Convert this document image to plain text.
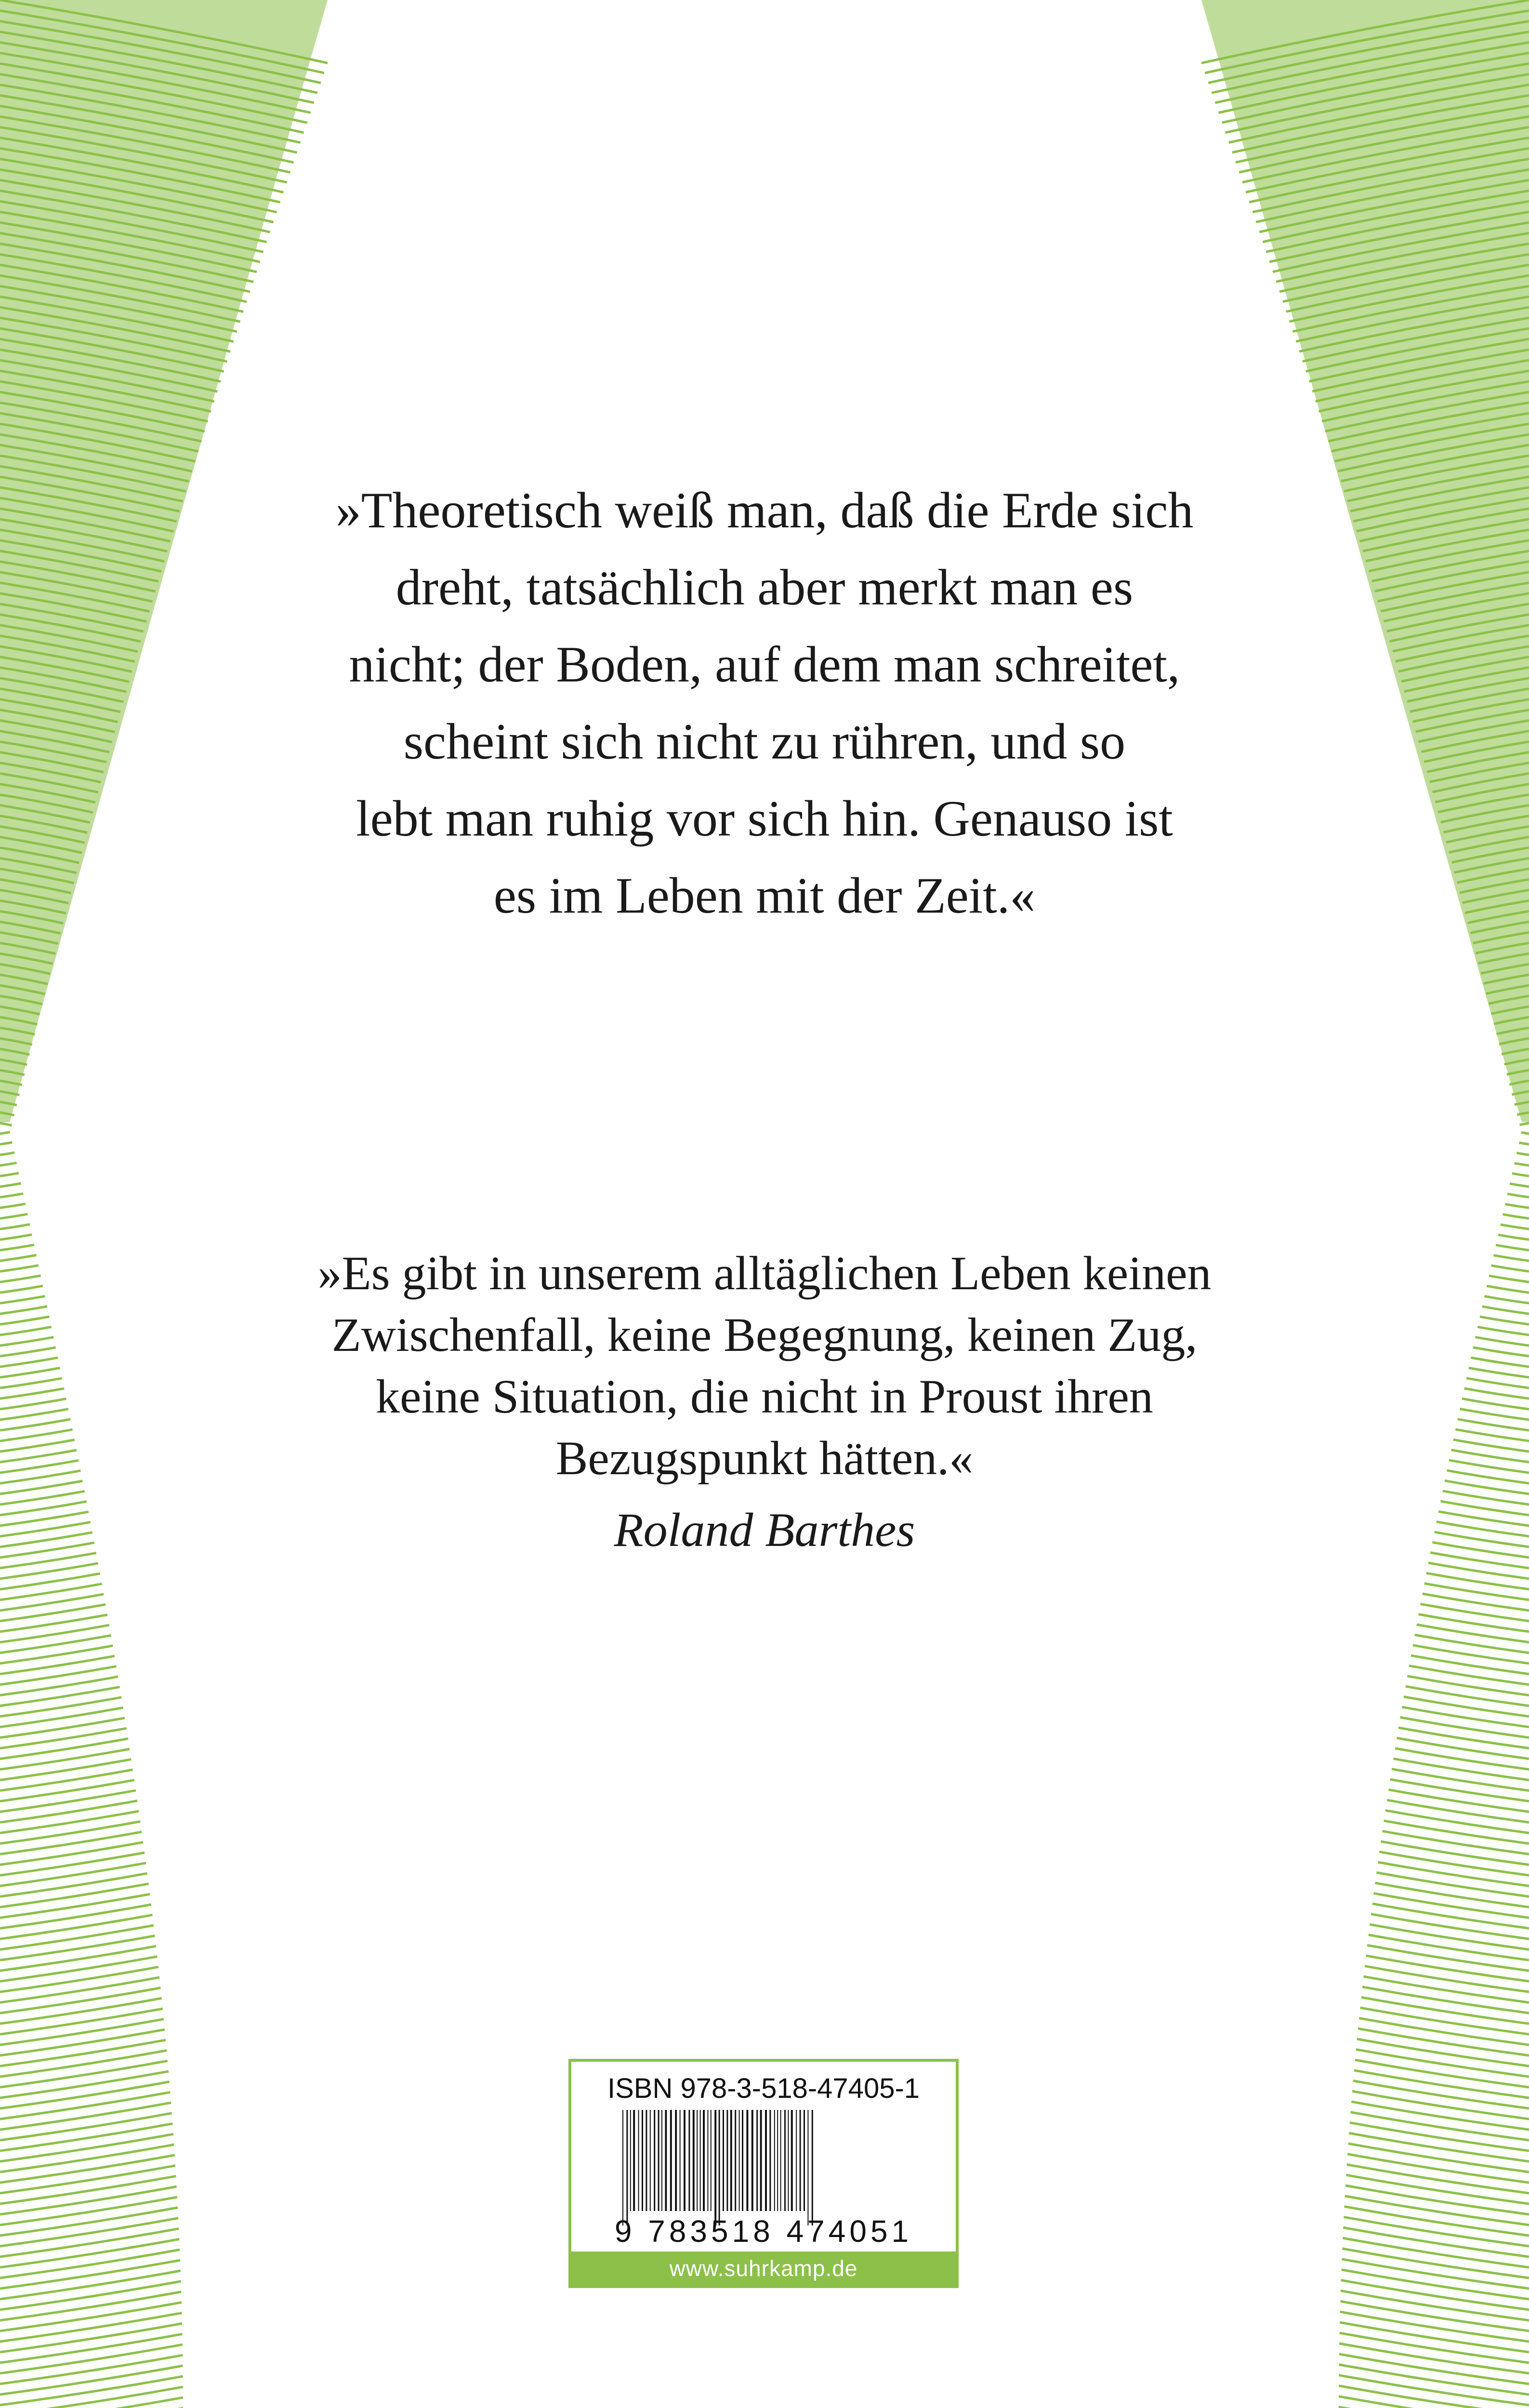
»Theoretisch weiß man, daß die Erde sich
dreht, tatsächlich aber merkt man es
nicht; der Boden, auf dem man schreitet,
scheint sich nicht zu rühren, und so
lebt man ruhig vor sich hin. Genauso ist
es im Leben mit der Zeit.«
»Es gibt in unserem alltäglichen Leben keinen
Zwischenfall, keine Begegnung, keinen Zug,
keine Situation, die nicht in Proust ihren
Bezugspunkt hätten.«
Roland Barthes
ISBN 978-3-518-47405-1
9 783518 474051
www.suhrkamp.de
